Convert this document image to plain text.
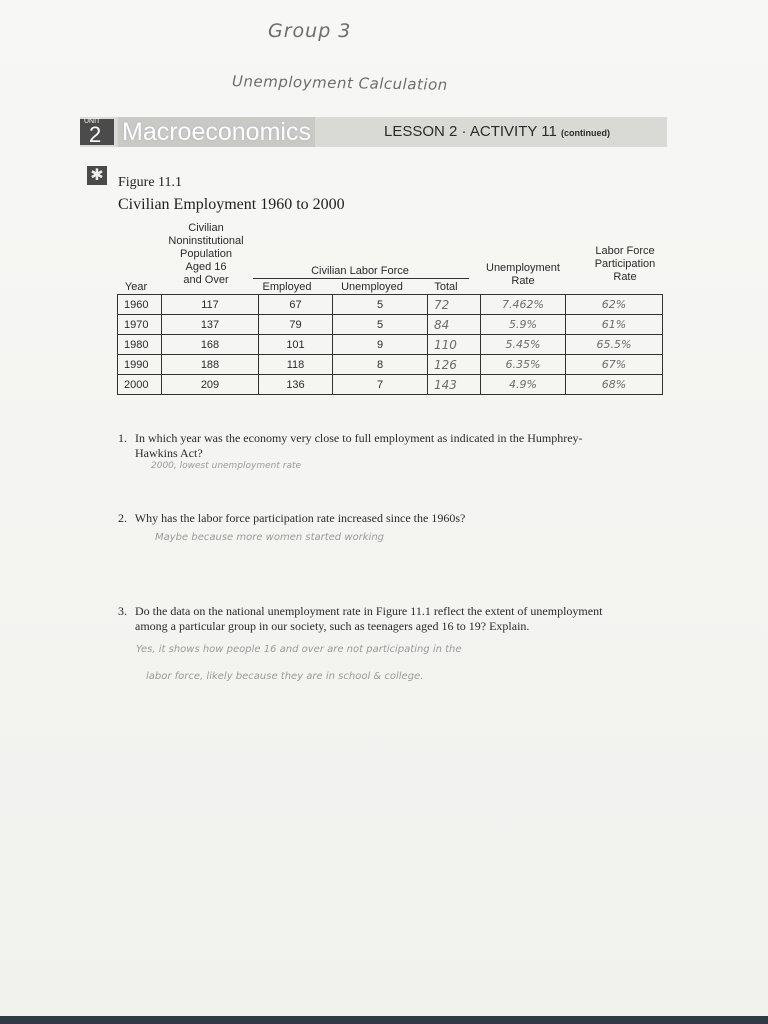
Group 3
Unemployment Calculation
UNIT
2 Macroeconomics	LESSON 2 · ACTIVITY 11 (continued)
✱ Figure 11.1
Civilian Employment 1960 to 2000
Year
Civilian
Noninstitutional
Population
Aged 16
and Over
Civilian Labor Force
Employed	Unemployed	Total
Unemployment
Rate
Labor Force
Participation
Rate
1960	117	67	5	72	7.462%	62%
1970	137	79	5	84	5.9%	61%
1980	168	101	9	110	5.45%	65.5%
1990	188	118	8	126	6.35%	67%
2000	209	136	7	143	4.9%	68%
1. In which year was the economy very close to full employment as indicated in the Humphrey-
Hawkins Act?
2000, lowest unemployment rate
2. Why has the labor force participation rate increased since the 1960s?
Maybe because more women started working
3. Do the data on the national unemployment rate in Figure 11.1 reflect the extent of unemployment
among a particular group in our society, such as teenagers aged 16 to 19? Explain.
Yes, it shows how people 16 and over are not participating in the
labor force, likely because they are in school & college.
